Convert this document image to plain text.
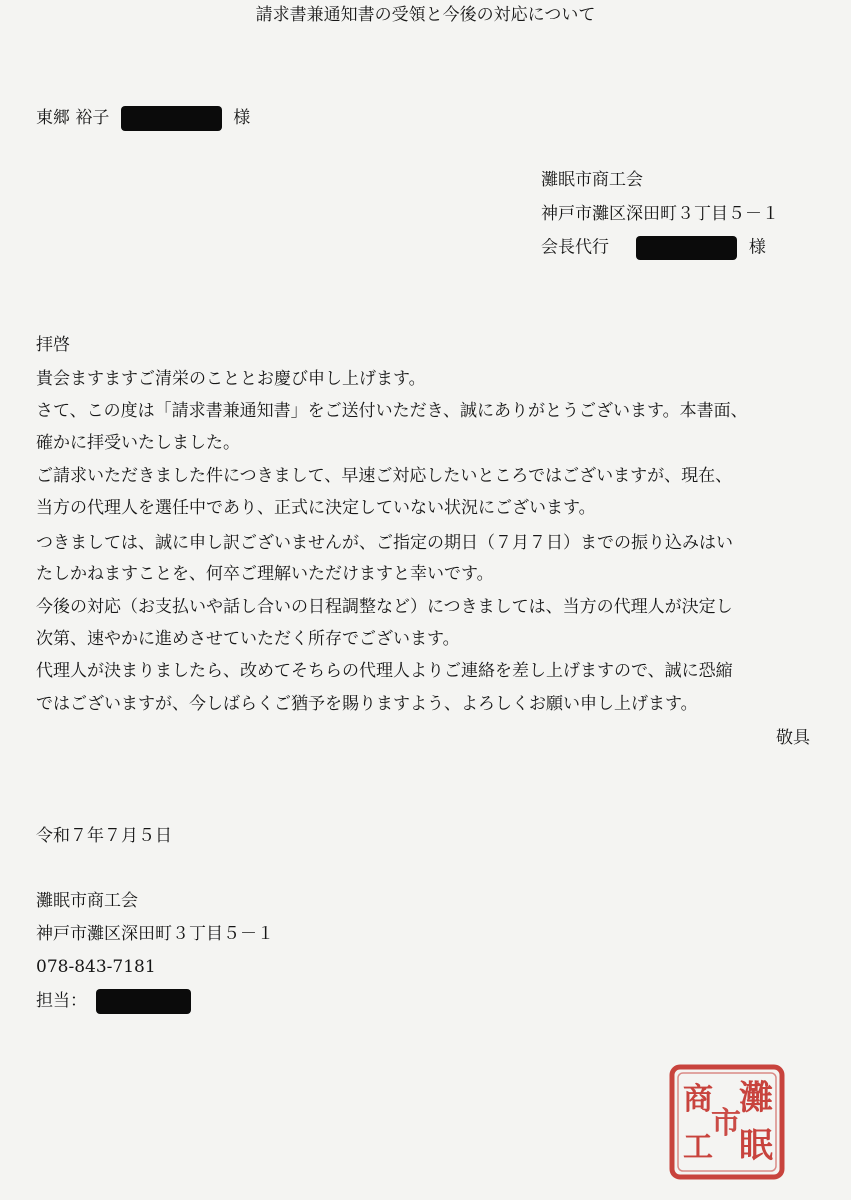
請求書兼通知書の受領と今後の対応について
東郷 裕子	様
灘眠市商工会
神戸市灘区深田町３丁目５－１
会長代行	様
拝啓
貴会ますますご清栄のこととお慶び申し上げます。
さて、この度は「請求書兼通知書」をご送付いただき、誠にありがとうございます。本書面、
確かに拝受いたしました。
ご請求いただきました件につきまして、早速ご対応したいところではございますが、現在、
当方の代理人を選任中であり、正式に決定していない状況にございます。
つきましては、誠に申し訳ございませんが、ご指定の期日（７月７日）までの振り込みはい
たしかねますことを、何卒ご理解いただけますと幸いです。
今後の対応（お支払いや話し合いの日程調整など）につきましては、当方の代理人が決定し
次第、速やかに進めさせていただく所存でございます。
代理人が決まりましたら、改めてそちらの代理人よりご連絡を差し上げますので、誠に恐縮
ではございますが、今しばらくご猶予を賜りますよう、よろしくお願い申し上げます。
敬具
令和７年７月５日
灘眠市商工会
神戸市灘区深田町３丁目５－１
078-843-7181
担当：
灘
眠
市
商
工
